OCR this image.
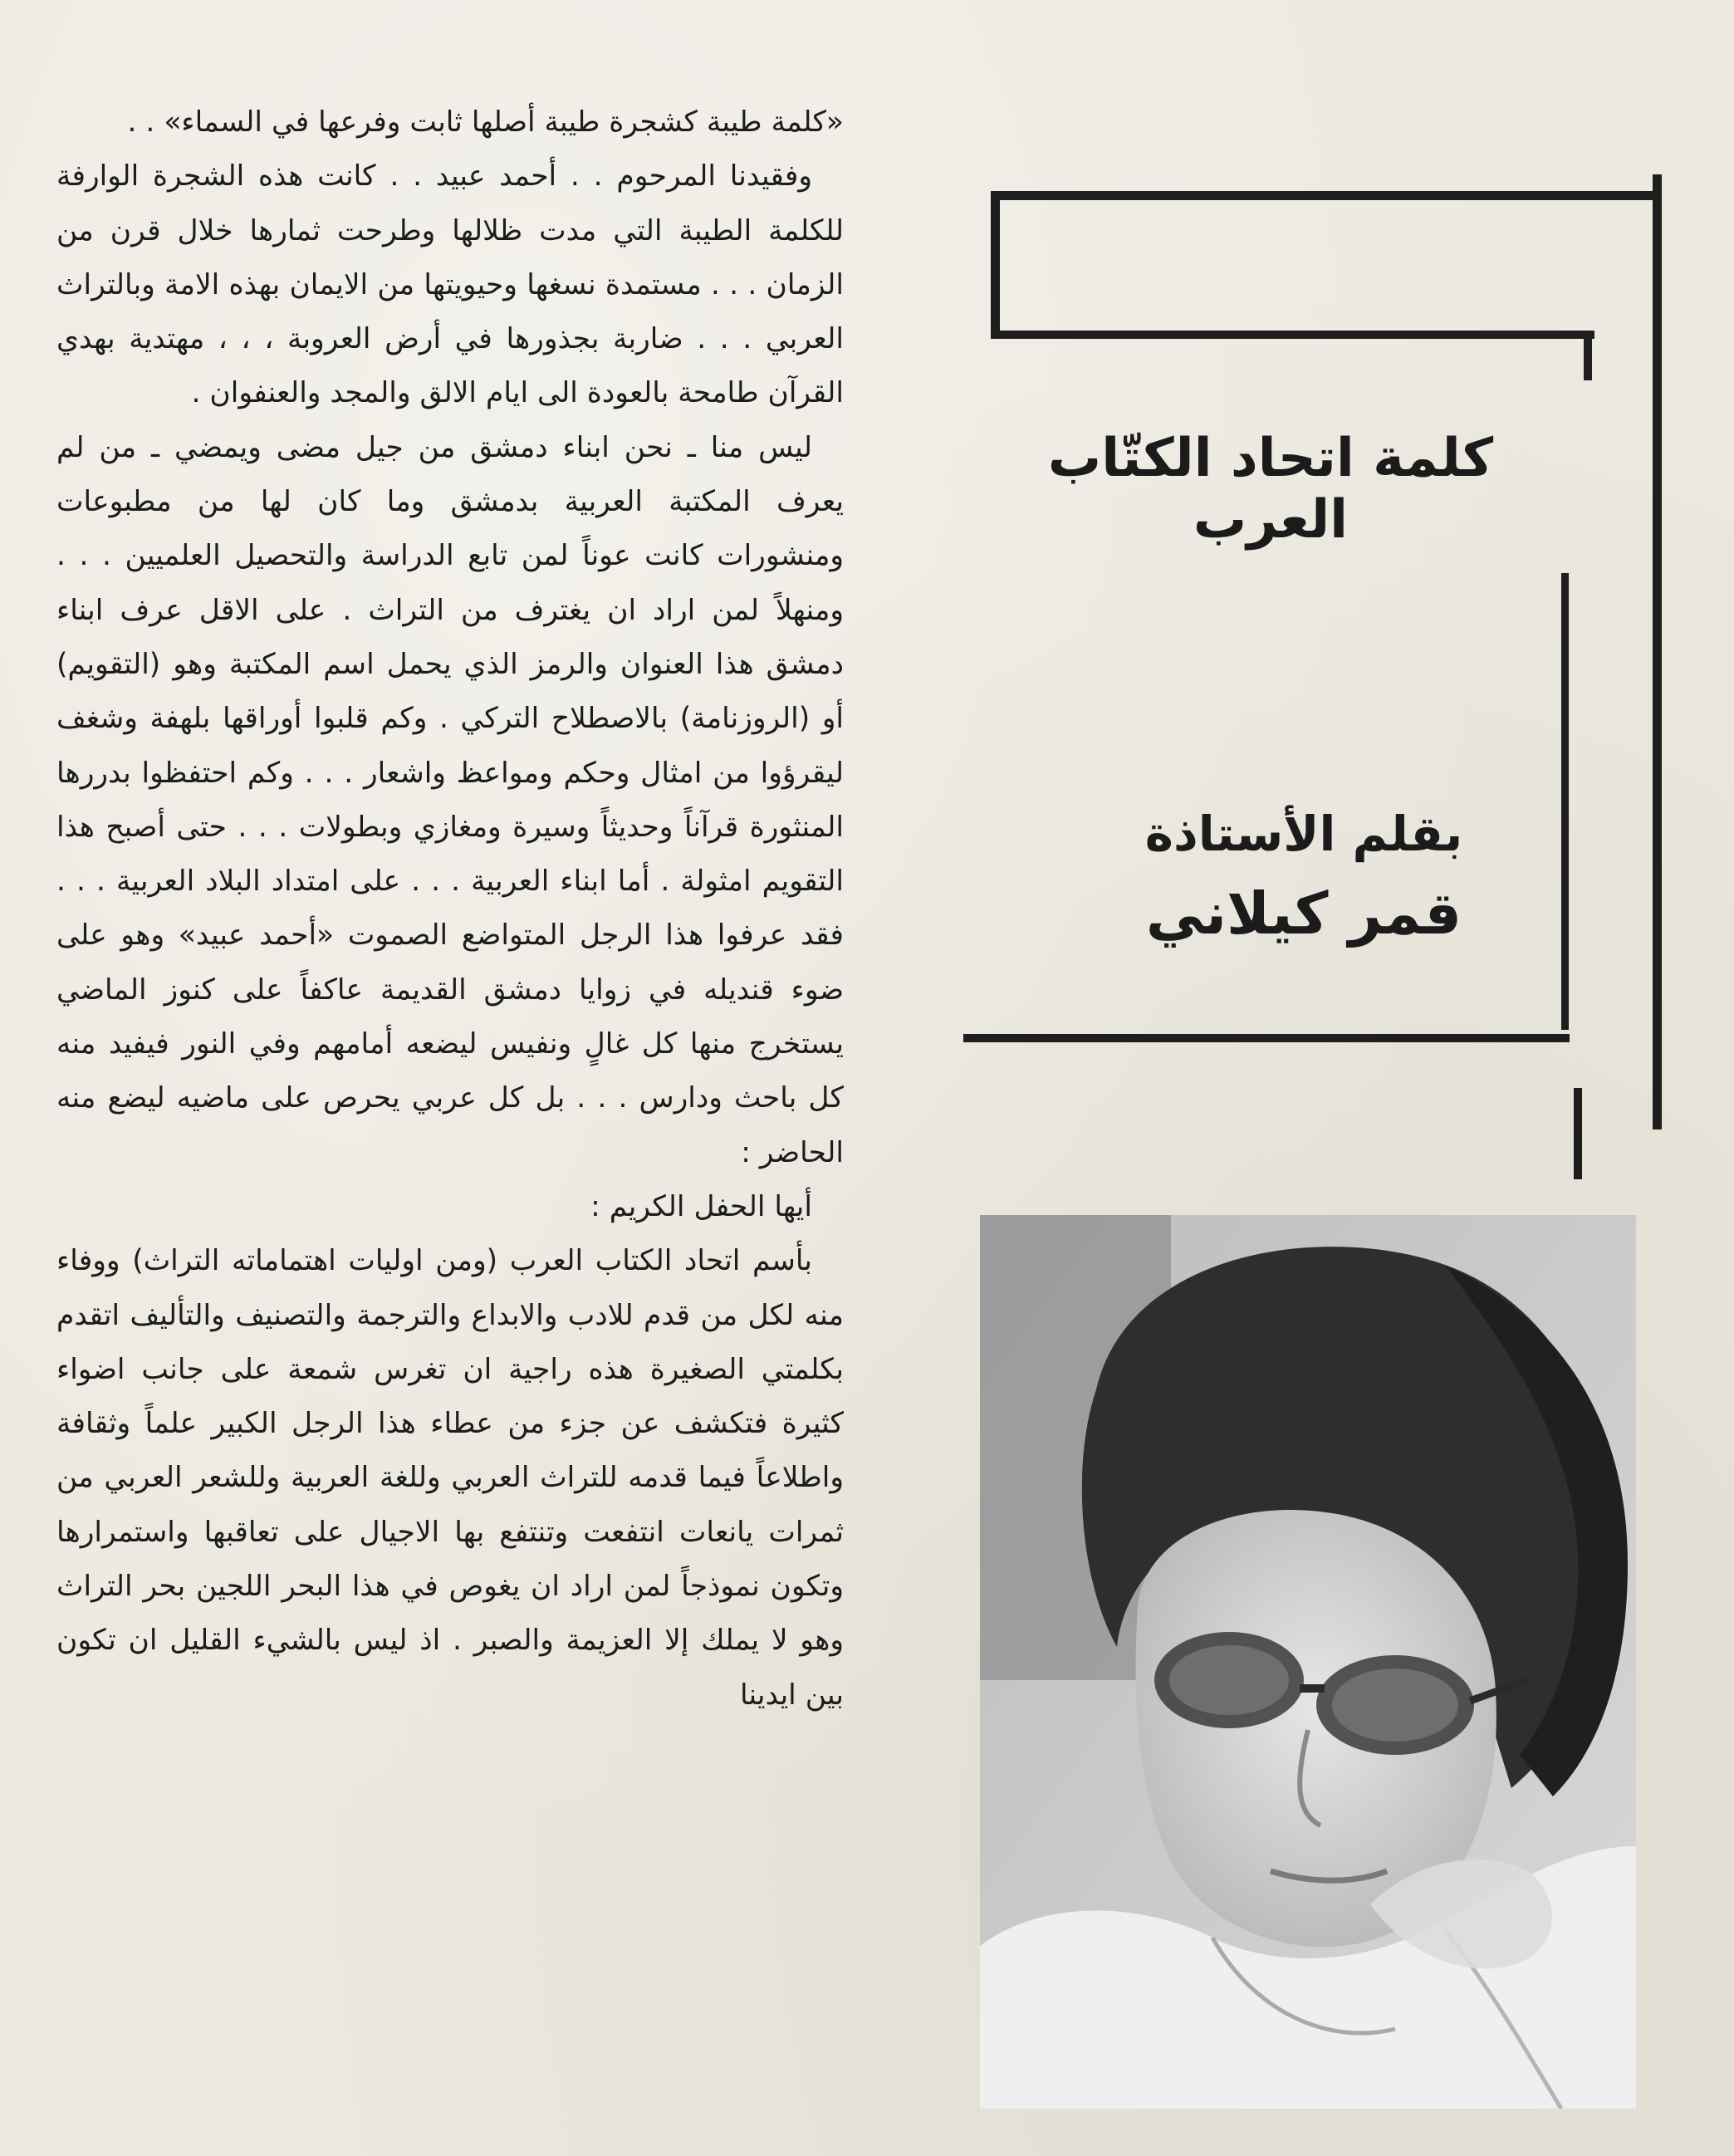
«كلمة طيبة كشجرة طيبة أصلها ثابت وفرعها في السماء» . .

وفقيدنا المرحوم . . أحمد عبيد . . كانت هذه الشجرة الوارفة للكلمة الطيبة التي مدت ظلالها وطرحت ثمارها خلال قرن من الزمان . . . مستمدة نسغها وحيويتها من الايمان بهذه الامة وبالتراث العربي . . . ضاربة بجذورها في أرض العروبة ، ، ، مهتدية بهدي القرآن طامحة بالعودة الى ايام الالق والمجد والعنفوان .

ليس منا ـ نحن ابناء دمشق من جيل مضى ويمضي ـ من لم يعرف المكتبة العربية بدمشق وما كان لها من مطبوعات ومنشورات كانت عوناً لمن تابع الدراسة والتحصيل العلميين . . . ومنهلاً لمن اراد ان يغترف من التراث . على الاقل عرف ابناء دمشق هذا العنوان والرمز الذي يحمل اسم المكتبة وهو (التقويم) أو (الروزنامة) بالاصطلاح التركي . وكم قلبوا أوراقها بلهفة وشغف ليقرؤوا من امثال وحكم ومواعظ واشعار . . . وكم احتفظوا بدررها المنثورة قرآناً وحديثاً وسيرة ومغازي وبطولات . . . حتى أصبح هذا التقويم امثولة . أما ابناء العربية . . . على امتداد البلاد العربية . . . فقد عرفوا هذا الرجل المتواضع الصموت «أحمد عبيد» وهو على ضوء قنديله في زوايا دمشق القديمة عاكفاً على كنوز الماضي يستخرج منها كل غالٍ ونفيس ليضعه أمامهم وفي النور فيفيد منه كل باحث ودارس . . . بل كل عربي يحرص على ماضيه ليضع منه الحاضر :

أيها الحفل الكريم :

بأسم اتحاد الكتاب العرب (ومن اوليات اهتماماته التراث) ووفاء منه لكل من قدم للادب والابداع والترجمة والتصنيف والتأليف اتقدم بكلمتي الصغيرة هذه راجية ان تغرس شمعة على جانب اضواء كثيرة فتكشف عن جزء من عطاء هذا الرجل الكبير علماً وثقافة واطلاعاً فيما قدمه للتراث العربي وللغة العربية وللشعر العربي من ثمرات يانعات انتفعت وتنتفع بها الاجيال على تعاقبها واستمرارها وتكون نموذجاً لمن اراد ان يغوص في هذا البحر اللجين بحر التراث وهو لا يملك إلا العزيمة والصبر . اذ ليس بالشيء القليل ان تكون بين ايدينا

كلمة اتحاد الكتّاب العرب
بقلم الأستاذة
قمر كيلاني
